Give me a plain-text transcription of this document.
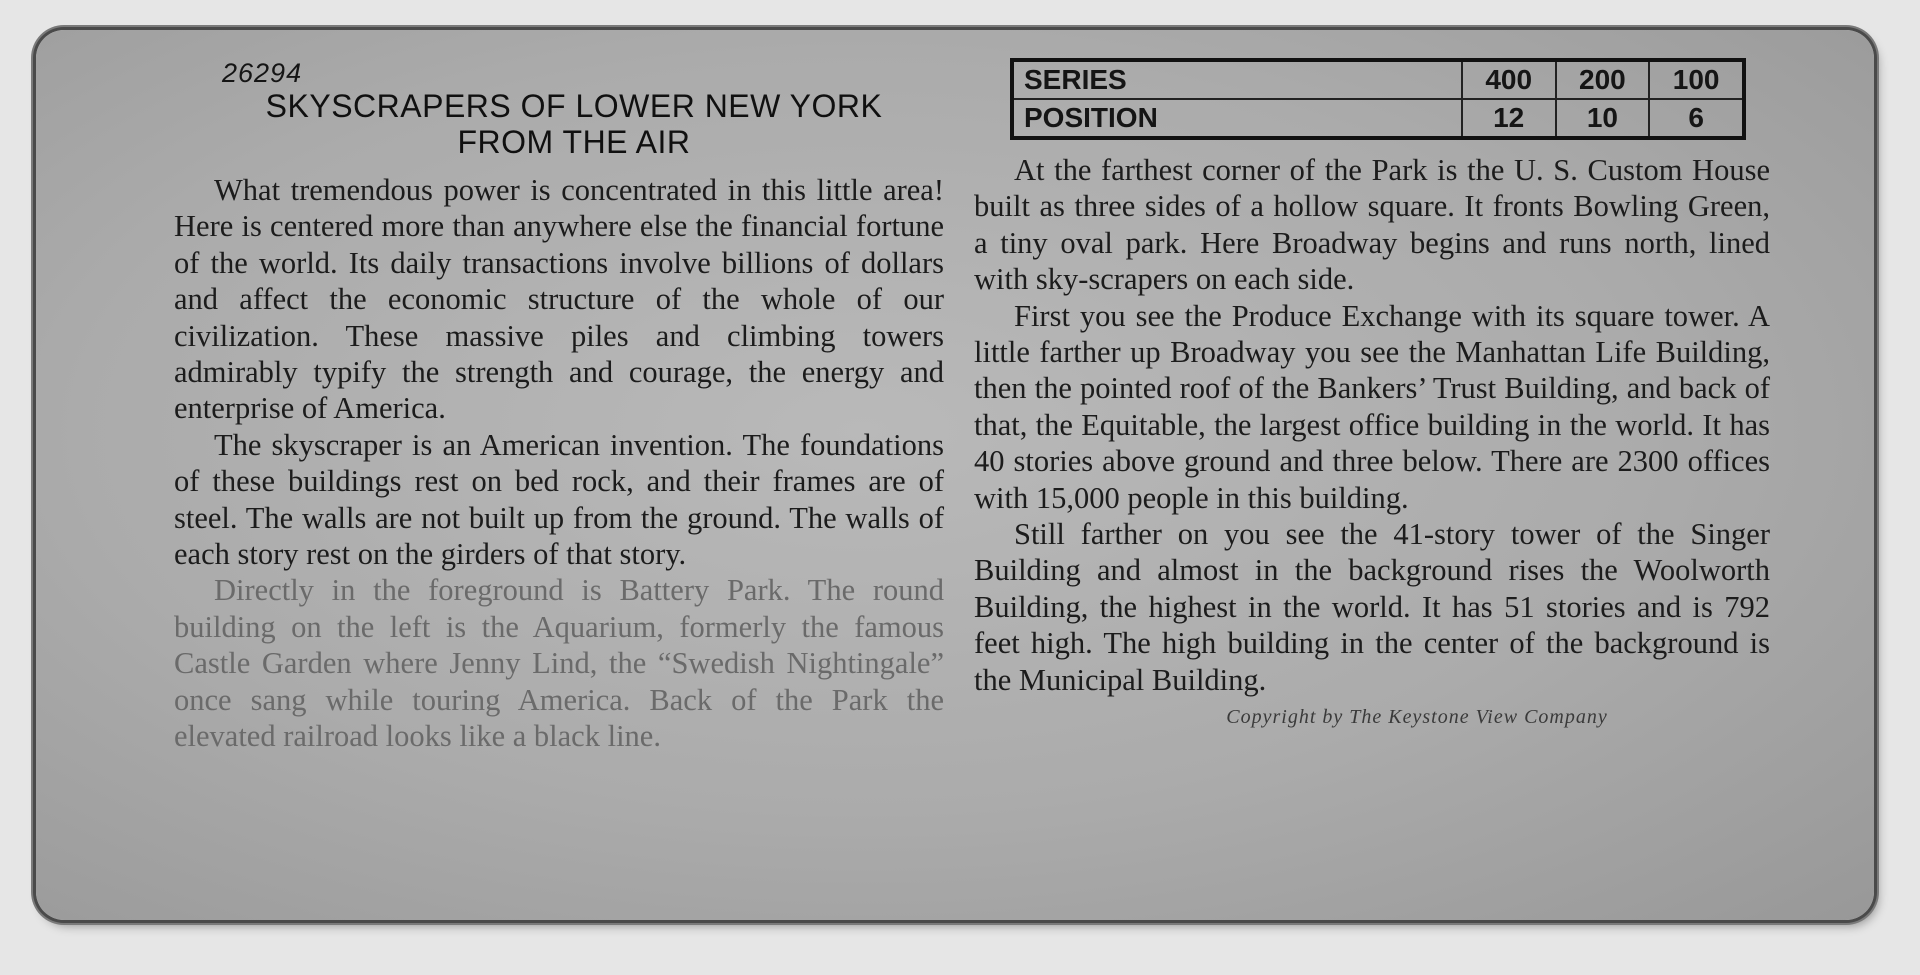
26294
SKYSCRAPERS OF LOWER NEW YORK
FROM THE AIR

What tremendous power is concentrated in this little area! Here is centered more than anywhere else the financial fortune of the world. Its daily transactions involve billions of dollars and affect the economic structure of the whole of our civilization. These massive piles and climbing towers admirably typify the strength and courage, the energy and enterprise of America.

The skyscraper is an American invention. The foundations of these buildings rest on bed rock, and their frames are of steel. The walls are not built up from the ground. The walls of each story rest on the girders of that story.

Directly in the foreground is Battery Park. The round building on the left is the Aquarium, formerly the famous Castle Garden where Jenny Lind, the “Swedish Nightingale” once sang while touring America. Back of the Park the elevated railroad looks like a black line.

SERIES	400	200	100
POSITION	12	10	6

At the farthest corner of the Park is the U. S. Custom House built as three sides of a hollow square. It fronts Bowling Green, a tiny oval park. Here Broadway begins and runs north, lined with sky-scrapers on each side.

First you see the Produce Exchange with its square tower. A little farther up Broadway you see the Manhattan Life Building, then the pointed roof of the Bankers’ Trust Building, and back of that, the Equitable, the largest office building in the world. It has 40 stories above ground and three below. There are 2300 offices with 15,000 people in this building.

Still farther on you see the 41-story tower of the Singer Building and almost in the background rises the Woolworth Building, the highest in the world. It has 51 stories and is 792 feet high. The high building in the center of the background is the Municipal Building.

Copyright by The Keystone View Company
